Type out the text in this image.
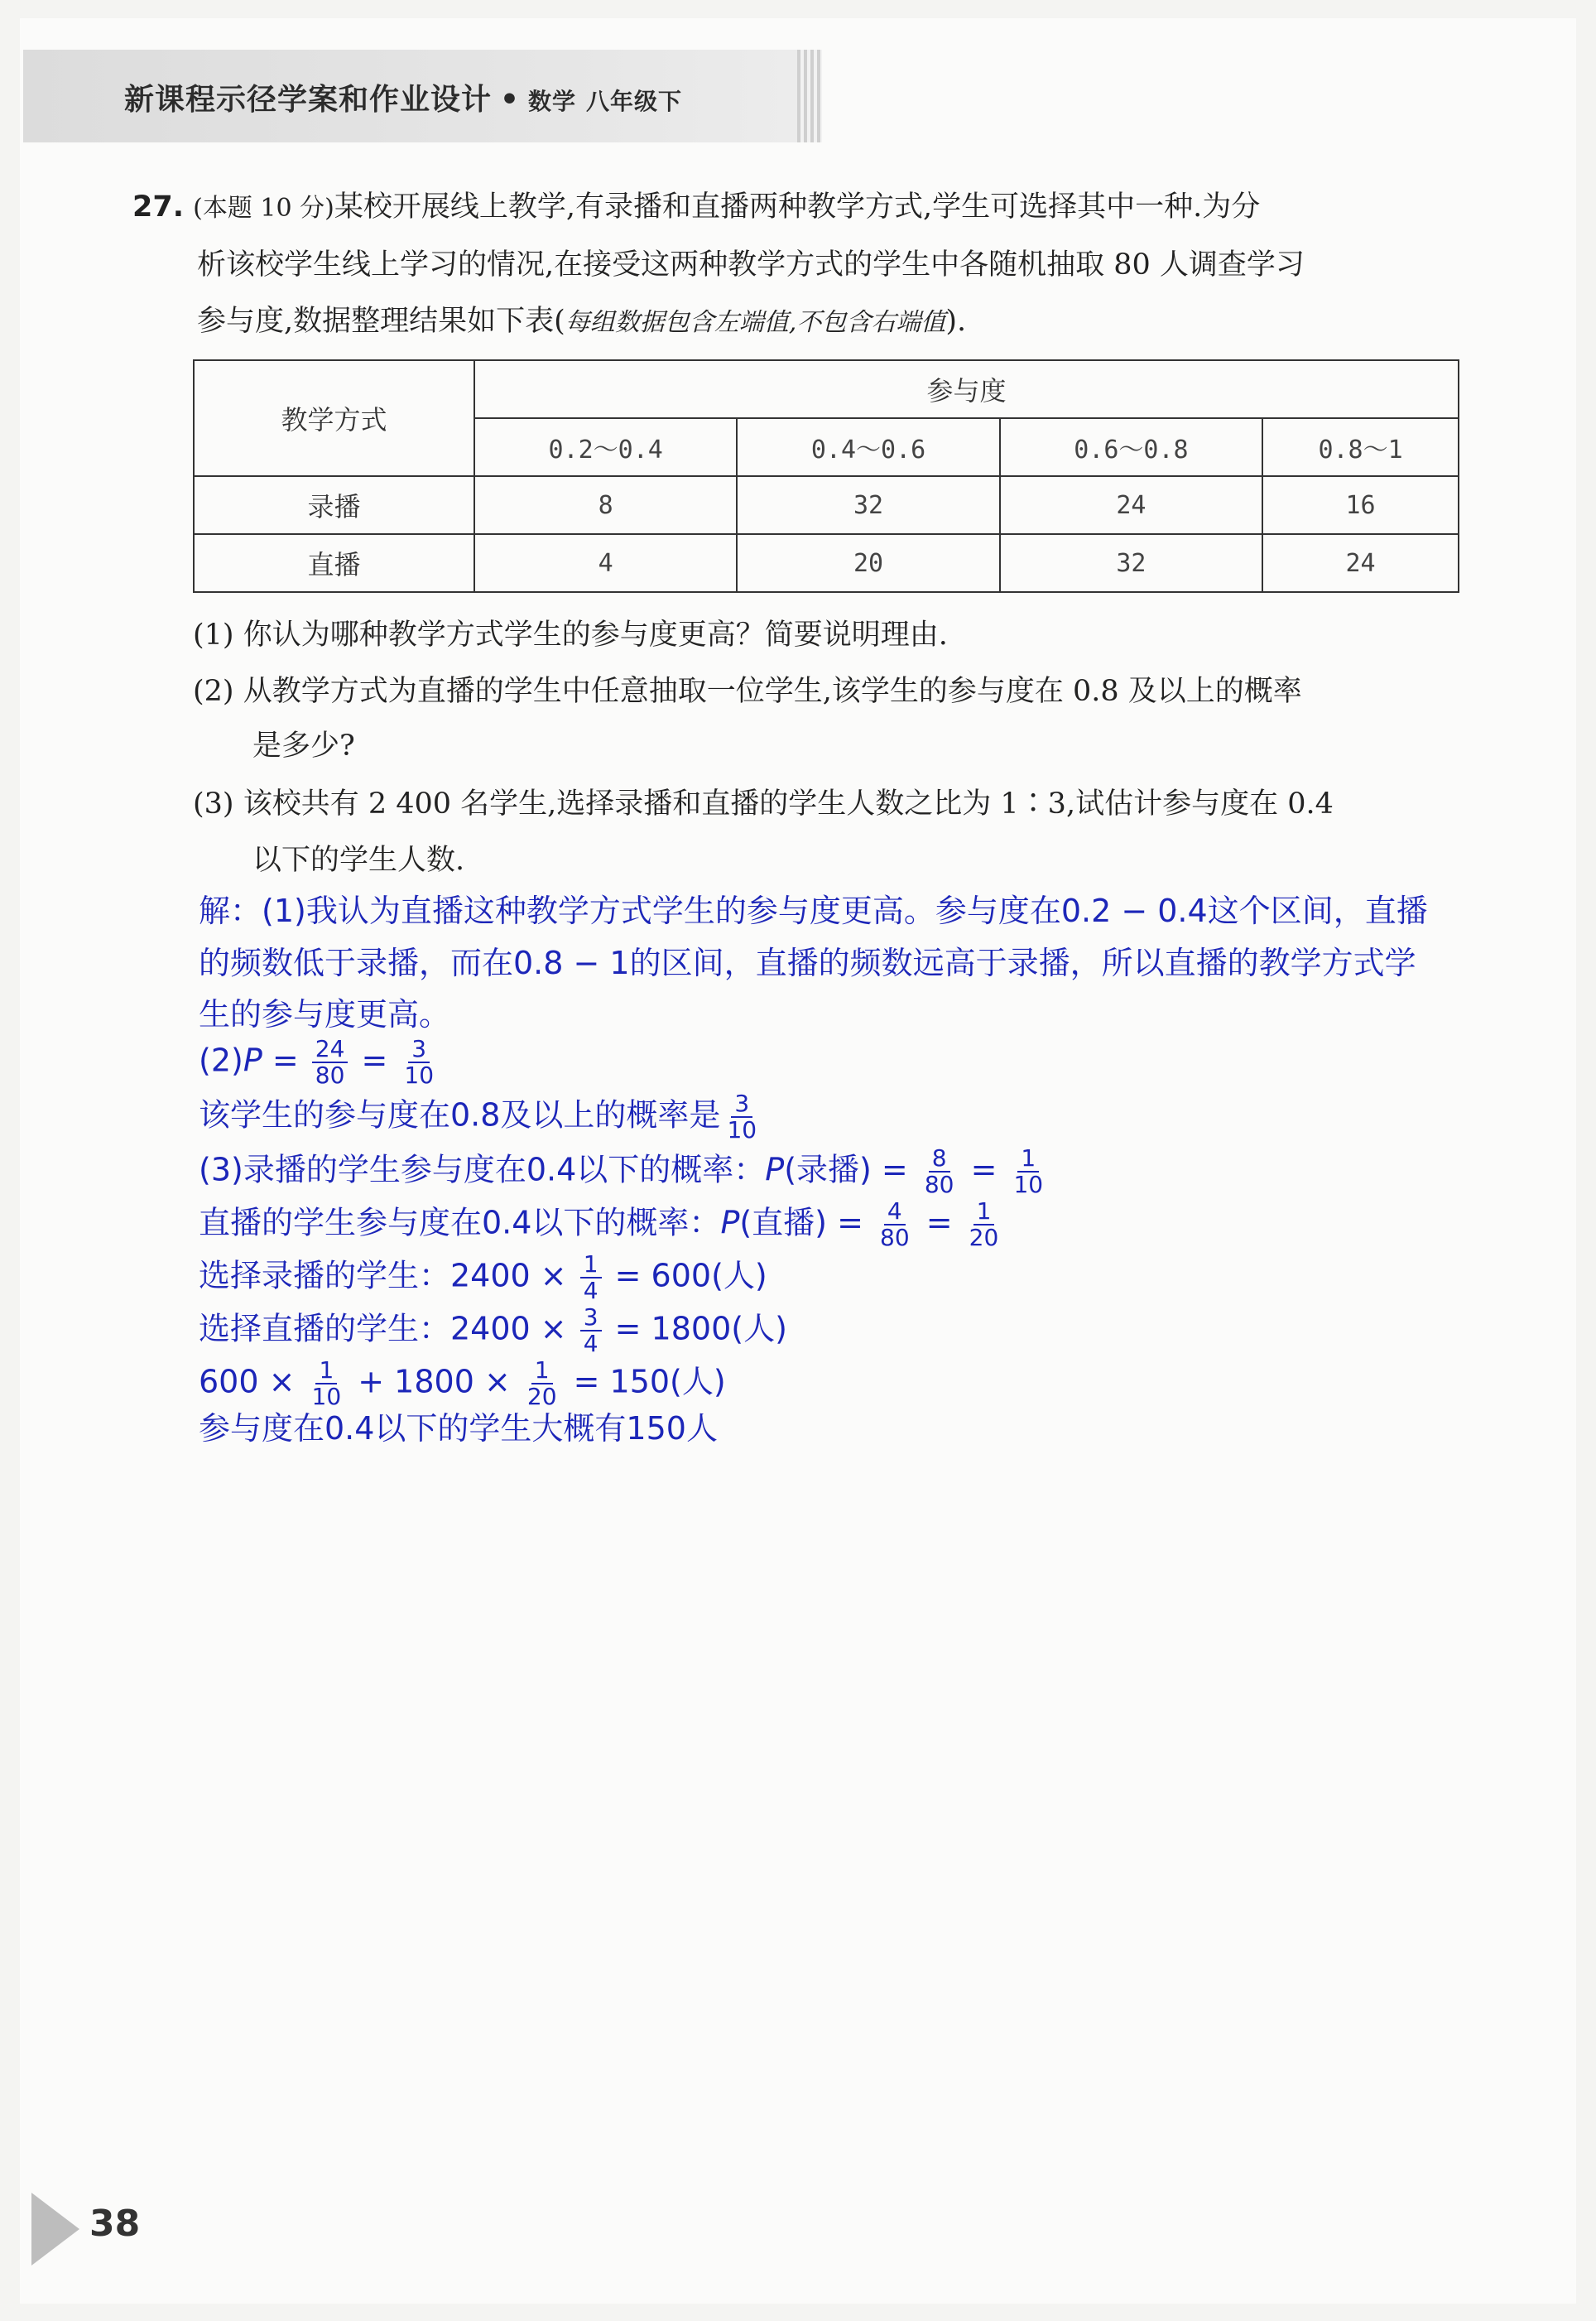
新课程示径学案和作业设计 • 数学 八年级下
27. (本题 10 分)某校开展线上教学,有录播和直播两种教学方式,学生可选择其中一种.为分
析该校学生线上学习的情况,在接受这两种教学方式的学生中各随机抽取 80 人调查学习
参与度,数据整理结果如下表(每组数据包含左端值,不包含右端值).
教学方式	参与度			
	0.2～0.4	0.4～0.6	0.6～0.8	0.8～1
录播	8	32	24	16
直播	4	20	32	24
(1) 你认为哪种教学方式学生的参与度更高？简要说明理由.
(2) 从教学方式为直播的学生中任意抽取一位学生,该学生的参与度在 0.8 及以上的概率
是多少?
(3) 该校共有 2 400 名学生,选择录播和直播的学生人数之比为 1∶3,试估计参与度在 0.4
以下的学生人数.
解：(1)我认为直播这种教学方式学生的参与度更高。参与度在0.2 − 0.4这个区间，直播
的频数低于录播，而在0.8 − 1的区间，直播的频数远高于录播，所以直播的教学方式学
生的参与度更高。
$(2)P = \frac{24}{80} = \frac{3}{10}$
该学生的参与度在0.8及以上的概率是 $\frac{3}{10}$
(3)录播的学生参与度在0.4以下的概率：P(录播) = $\frac{8}{80} = \frac{1}{10}$
直播的学生参与度在0.4以下的概率：P(直播) = $\frac{4}{80} = \frac{1}{20}$
选择录播的学生：$2400 \times \frac{1}{4} = 600$(人)
选择直播的学生：$2400 \times \frac{3}{4} = 1800$(人)
$600 \times \frac{1}{10} + 1800 \times \frac{1}{20} = 150$(人)
参与度在0.4以下的学生大概有150人
38
